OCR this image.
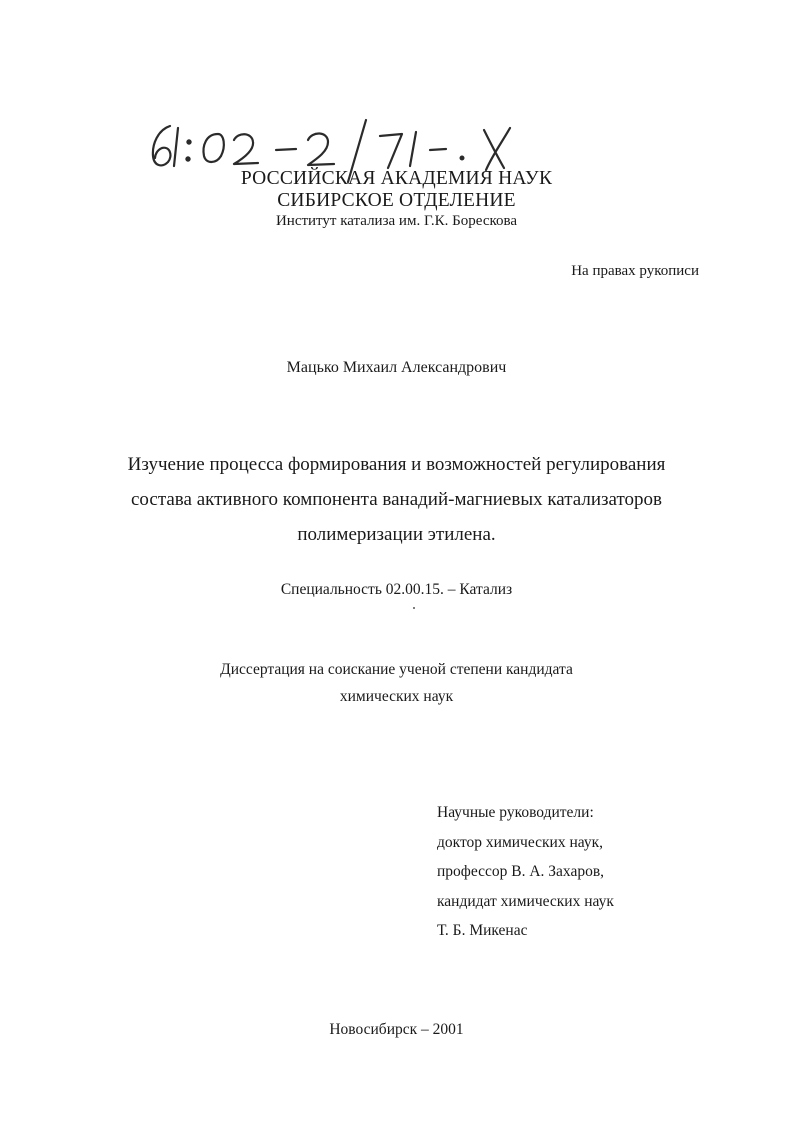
РОССИЙСКАЯ АКАДЕМИЯ НАУК
СИБИРСКОЕ ОТДЕЛЕНИЕ
Институт катализа им. Г.К. Борескова
На правах рукописи
Мацько Михаил Александрович
Изучение процесса формирования и возможностей регулирования
состава активного компонента ванадий-магниевых катализаторов
полимеризации этилена.
Специальность 02.00.15. – Катализ
Диссертация на соискание ученой степени кандидата
химических наук
Научные руководители:
доктор химических наук,
профессор В. А. Захаров,
кандидат химических наук
Т. Б. Микенас
Новосибирск – 2001
